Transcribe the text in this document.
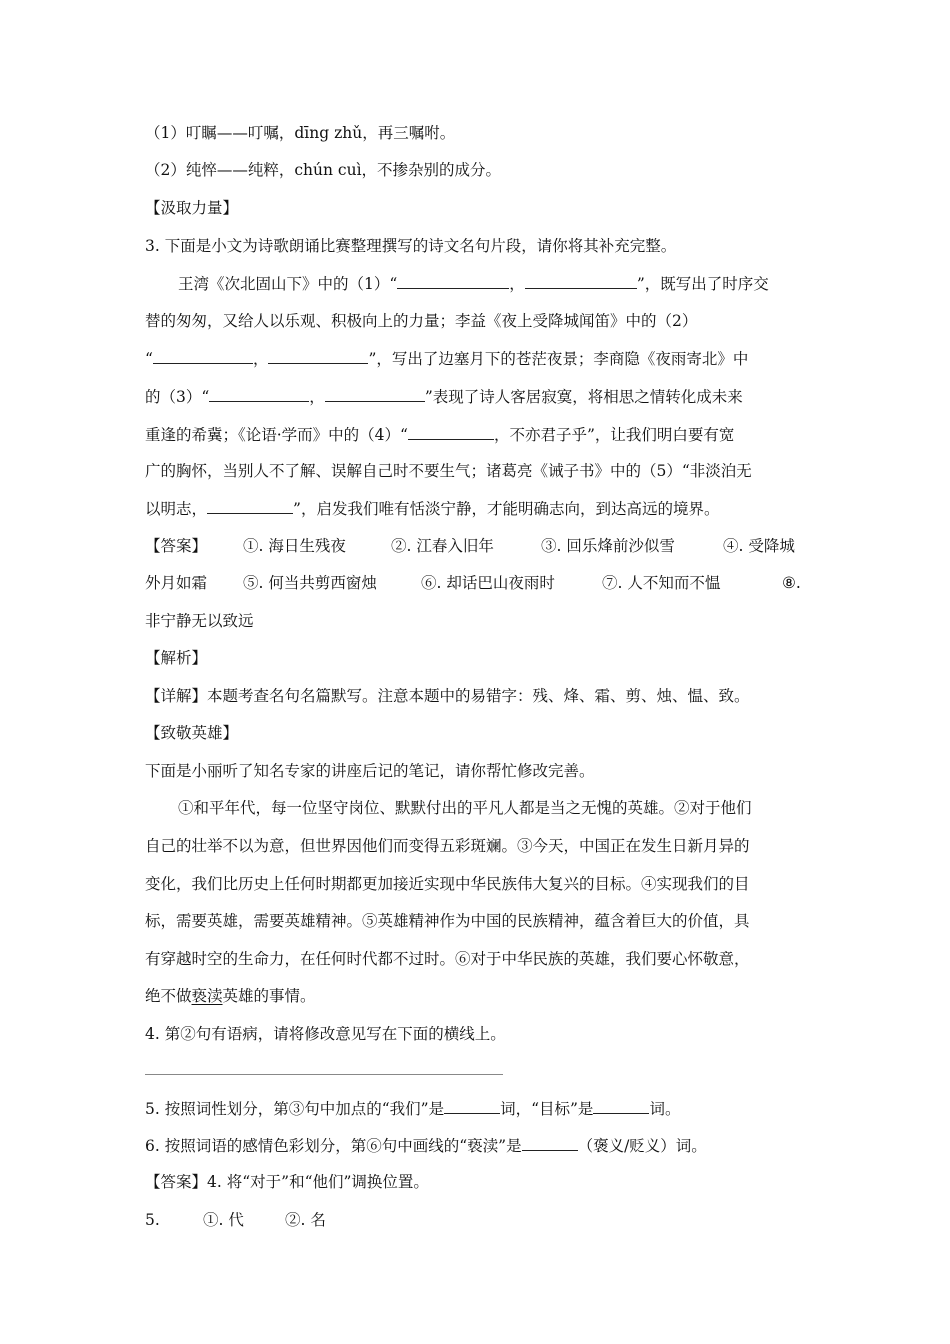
（1）叮瞩——叮嘱，dīng zhǔ，再三嘱咐。
（2）纯悴——纯粹，chún cuì，不掺杂别的成分。
【汲取力量】
3. 下面是小文为诗歌朗诵比赛整理撰写的诗文名句片段，请你将其补充完整。
王湾《次北固山下》中的（1）“	，	”，既写出了时序交
替的匆匆，又给人以乐观、积极向上的力量；李益《夜上受降城闻笛》中的（2）
“	，	”，写出了边塞月下的苍茫夜景；李商隐《夜雨寄北》中
的（3）“	，	”表现了诗人客居寂寞，将相思之情转化成未来
重逢的希冀；《论语·学而》中的（4）“	，不亦君子乎”，让我们明白要有宽
广的胸怀，当别人不了解、误解自己时不要生气；诸葛亮《诫子书》中的（5）“非淡泊无
以明志，	”，启发我们唯有恬淡宁静，才能明确志向，到达高远的境界。
【答案】 ①. 海日生残夜	②. 江春入旧年	③. 回乐烽前沙似雪	④. 受降城
外月如霜 ⑤. 何当共剪西窗烛	⑥. 却话巴山夜雨时	⑦. 人不知而不愠	⑧.
非宁静无以致远
【解析】
【详解】本题考查名句名篇默写。注意本题中的易错字：残、烽、霜、剪、烛、愠、致。
【致敬英雄】
下面是小丽听了知名专家的讲座后记的笔记，请你帮忙修改完善。
①和平年代，每一位坚守岗位、默默付出的平凡人都是当之无愧的英雄。②对于他们
自己的壮举不以为意，但世界因他们而变得五彩斑斓。③今天，中国正在发生日新月异的
变化，我们比历史上任何时期都更加接近实现中华民族伟大复兴的目标。④实现我们的目
标，需要英雄，需要英雄精神。⑤英雄精神作为中国的民族精神，蕴含着巨大的价值，具
有穿越时空的生命力，在任何时代都不过时。⑥对于中华民族的英雄，我们要心怀敬意，
绝不做亵渎英雄的事情。
4. 第②句有语病，请将修改意见写在下面的横线上。
5. 按照词性划分，第③句中加点的“我们”是	词，“目标”是	词。
6. 按照词语的感情色彩划分，第⑥句中画线的“亵渎”是	（褒义/贬义）词。
【答案】4. 将“对于”和“他们”调换位置。
5.	①. 代	②. 名
